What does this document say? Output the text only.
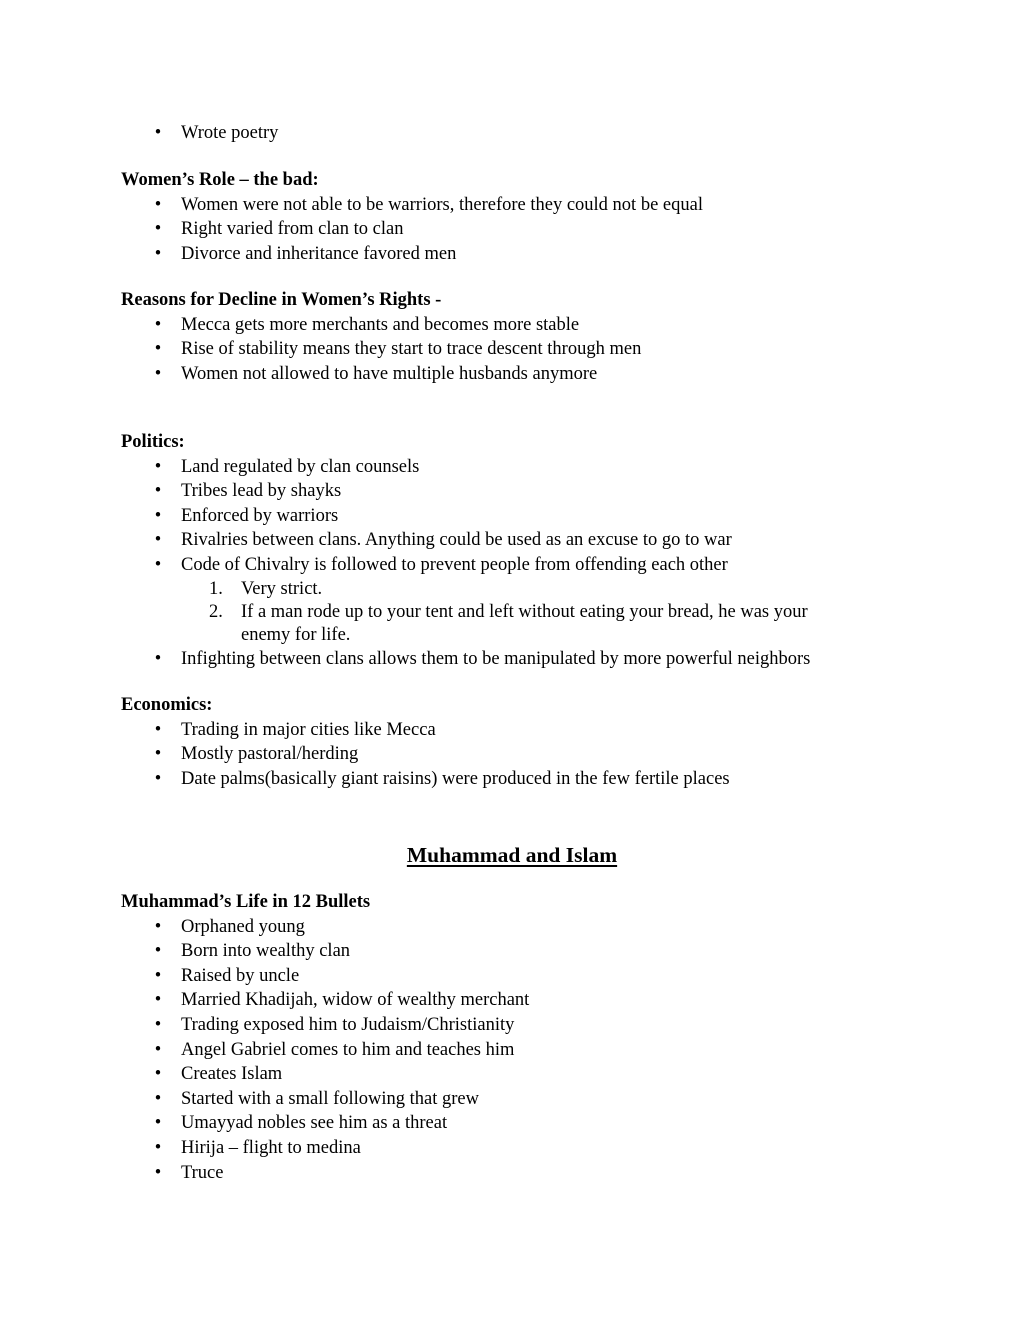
• Wrote poetry
Women’s Role – the bad:
• Women were not able to be warriors, therefore they could not be equal
• Right varied from clan to clan
• Divorce and inheritance favored men
Reasons for Decline in Women’s Rights -
• Mecca gets more merchants and becomes more stable
• Rise of stability means they start to trace descent through men
• Women not allowed to have multiple husbands anymore
Politics:
• Land regulated by clan counsels
• Tribes lead by shayks
• Enforced by warriors
• Rivalries between clans. Anything could be used as an excuse to go to war
• Code of Chivalry is followed to prevent people from offending each other
1. Very strict.
2. If a man rode up to your tent and left without eating your bread, he was your enemy for life.
• Infighting between clans allows them to be manipulated by more powerful neighbors
Economics:
• Trading in major cities like Mecca
• Mostly pastoral/herding
• Date palms(basically giant raisins) were produced in the few fertile places
Muhammad and Islam
Muhammad’s Life in 12 Bullets
• Orphaned young
• Born into wealthy clan
• Raised by uncle
• Married Khadijah, widow of wealthy merchant
• Trading exposed him to Judaism/Christianity
• Angel Gabriel comes to him and teaches him
• Creates Islam
• Started with a small following that grew
• Umayyad nobles see him as a threat
• Hirija – flight to medina
• Truce
